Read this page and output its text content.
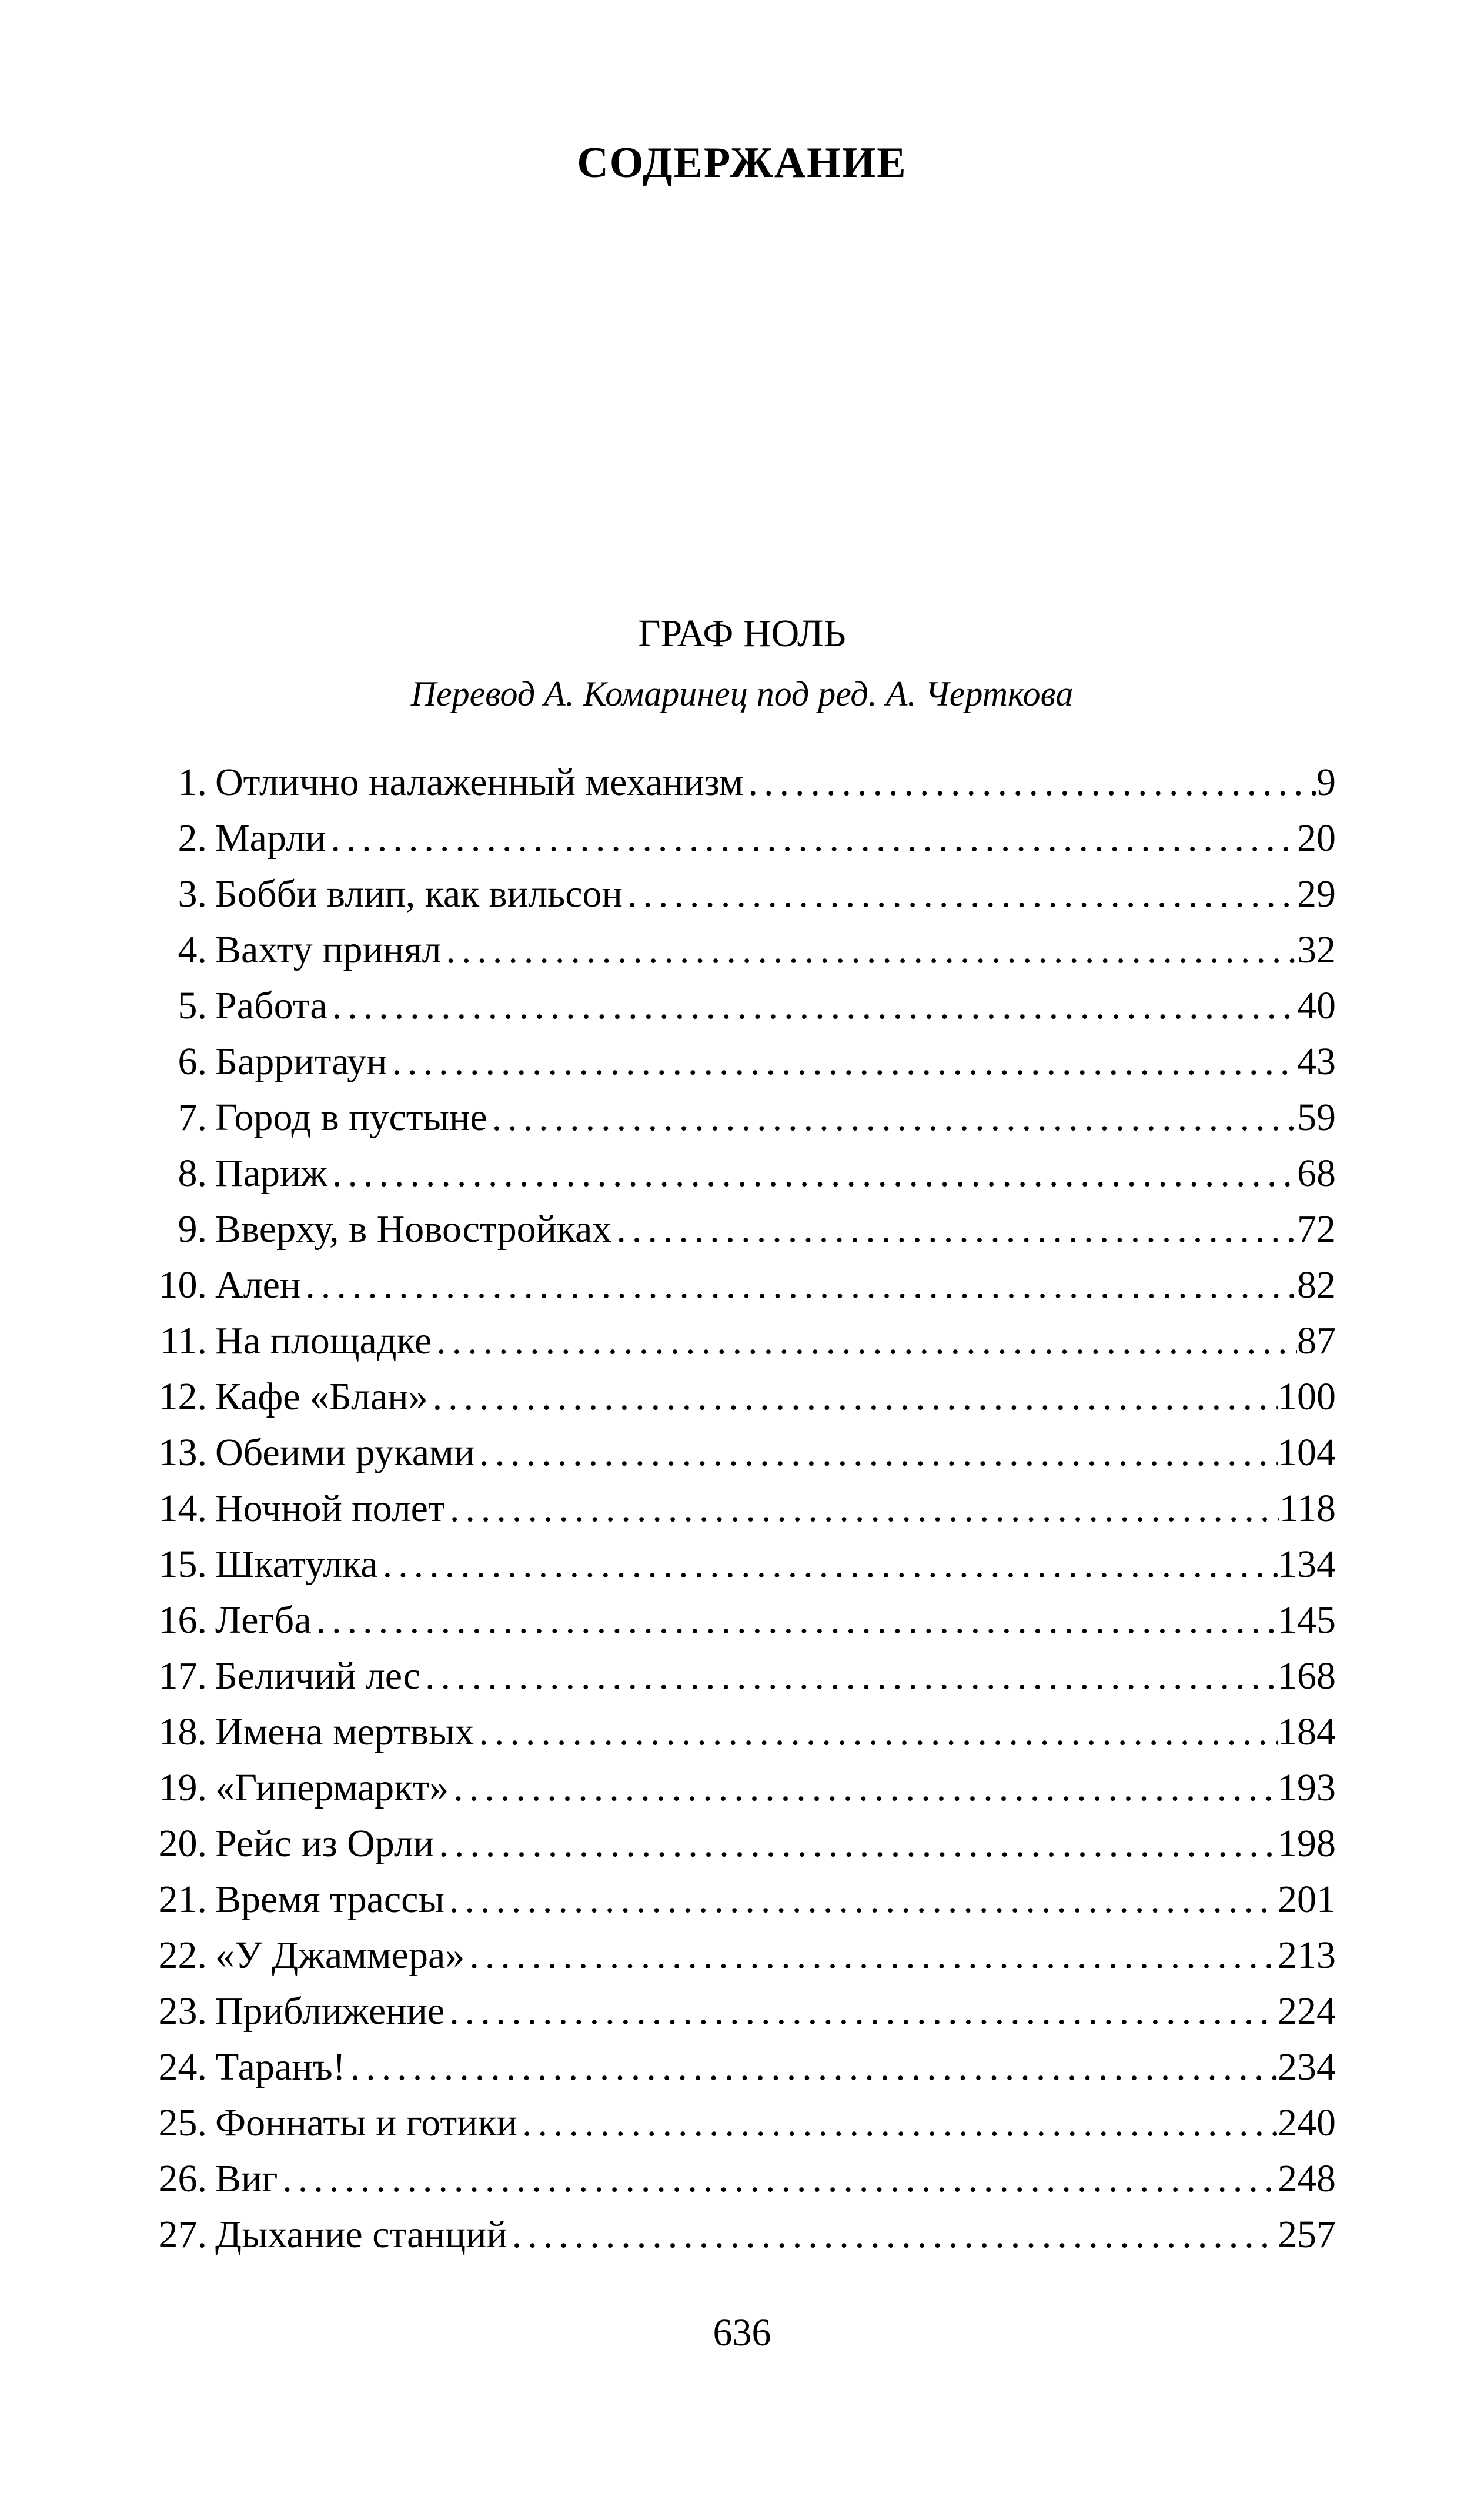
СОДЕРЖАНИЕ
ГРАФ НОЛЬ
Перевод А. Комаринец под ред. А. Черткова
1. Отлично налаженный механизм .....	9
2. Марли .....	20
3. Бобби влип, как вильсон .....	29
4. Вахту принял .....	32
5. Работа .....	40
6. Барритаун .....	43
7. Город в пустыне .....	59
8. Париж .....	68
9. Вверху, в Новостройках .....	72
10. Ален .....	82
11. На площадке .....	87
12. Кафе «Блан» .....	100
13. Обеими руками .....	104
14. Ночной полет .....	118
15. Шкатулка .....	134
16. Легба .....	145
17. Беличий лес .....	168
18. Имена мертвых .....	184
19. «Гипермаркт» .....	193
20. Рейс из Орли .....	198
21. Время трассы .....	201
22. «У Джаммера» .....	213
23. Приближение .....	224
24. Таранъ! .....	234
25. Фоннаты и готики .....	240
26. Виг .....	248
27. Дыхание станций .....	257
636
